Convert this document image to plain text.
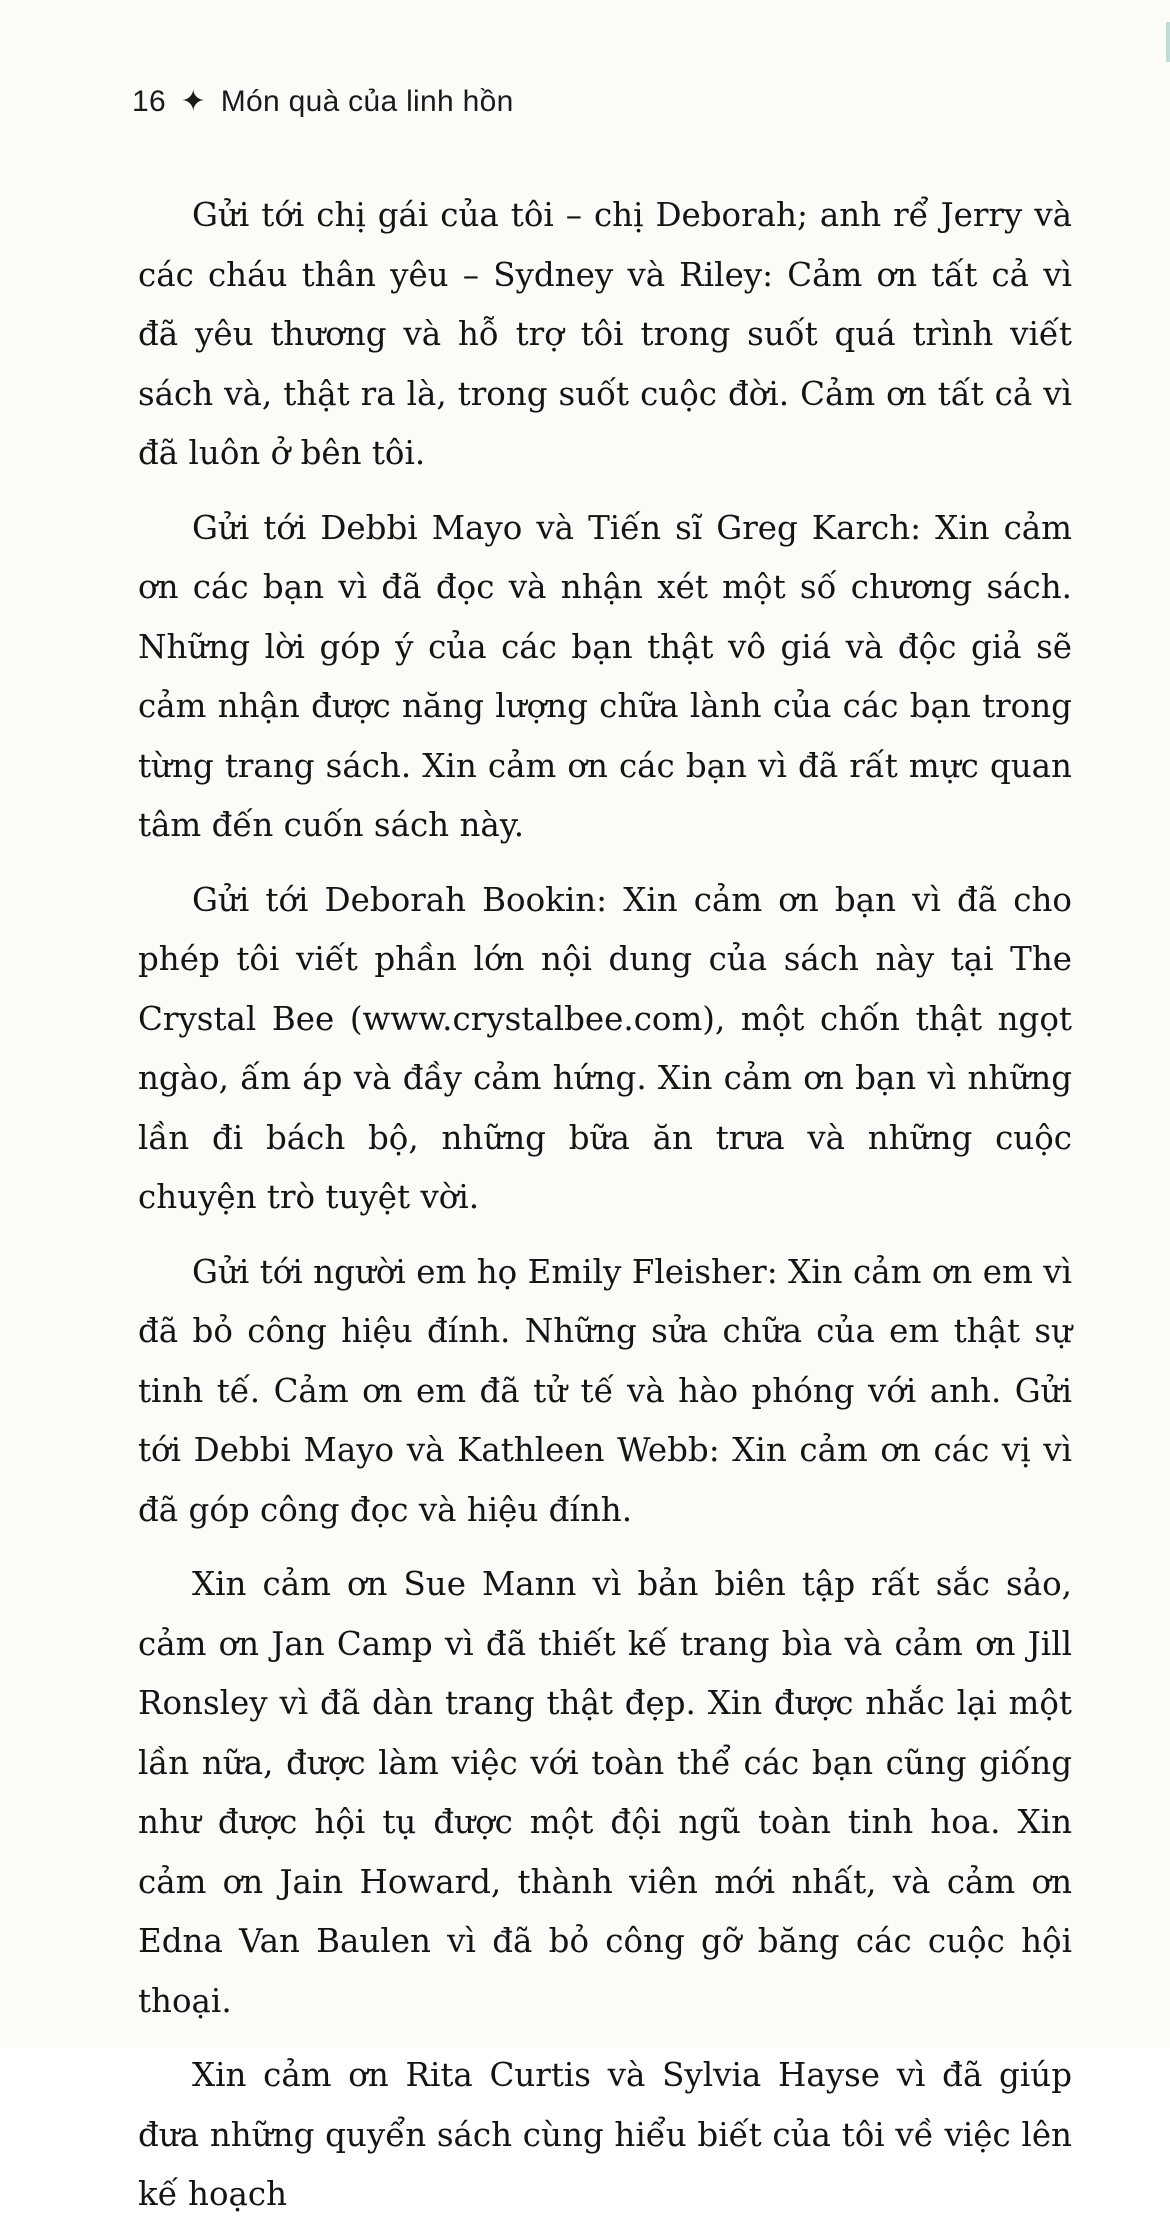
16 ✦ Món quà của linh hồn

Gửi tới chị gái của tôi – chị Deborah; anh rể Jerry và các cháu thân yêu – Sydney và Riley: Cảm ơn tất cả vì đã yêu thương và hỗ trợ tôi trong suốt quá trình viết sách và, thật ra là, trong suốt cuộc đời. Cảm ơn tất cả vì đã luôn ở bên tôi.

Gửi tới Debbi Mayo và Tiến sĩ Greg Karch: Xin cảm ơn các bạn vì đã đọc và nhận xét một số chương sách. Những lời góp ý của các bạn thật vô giá và độc giả sẽ cảm nhận được năng lượng chữa lành của các bạn trong từng trang sách. Xin cảm ơn các bạn vì đã rất mực quan tâm đến cuốn sách này.

Gửi tới Deborah Bookin: Xin cảm ơn bạn vì đã cho phép tôi viết phần lớn nội dung của sách này tại The Crystal Bee (www.crystalbee.com), một chốn thật ngọt ngào, ấm áp và đầy cảm hứng. Xin cảm ơn bạn vì những lần đi bách bộ, những bữa ăn trưa và những cuộc chuyện trò tuyệt vời.

Gửi tới người em họ Emily Fleisher: Xin cảm ơn em vì đã bỏ công hiệu đính. Những sửa chữa của em thật sự tinh tế. Cảm ơn em đã tử tế và hào phóng với anh. Gửi tới Debbi Mayo và Kathleen Webb: Xin cảm ơn các vị vì đã góp công đọc và hiệu đính.

Xin cảm ơn Sue Mann vì bản biên tập rất sắc sảo, cảm ơn Jan Camp vì đã thiết kế trang bìa và cảm ơn Jill Ronsley vì đã dàn trang thật đẹp. Xin được nhắc lại một lần nữa, được làm việc với toàn thể các bạn cũng giống như được hội tụ được một đội ngũ toàn tinh hoa. Xin cảm ơn Jain Howard, thành viên mới nhất, và cảm ơn Edna Van Baulen vì đã bỏ công gỡ băng các cuộc hội thoại.

Xin cảm ơn Rita Curtis và Sylvia Hayse vì đã giúp đưa những quyển sách cùng hiểu biết của tôi về việc lên kế hoạch
